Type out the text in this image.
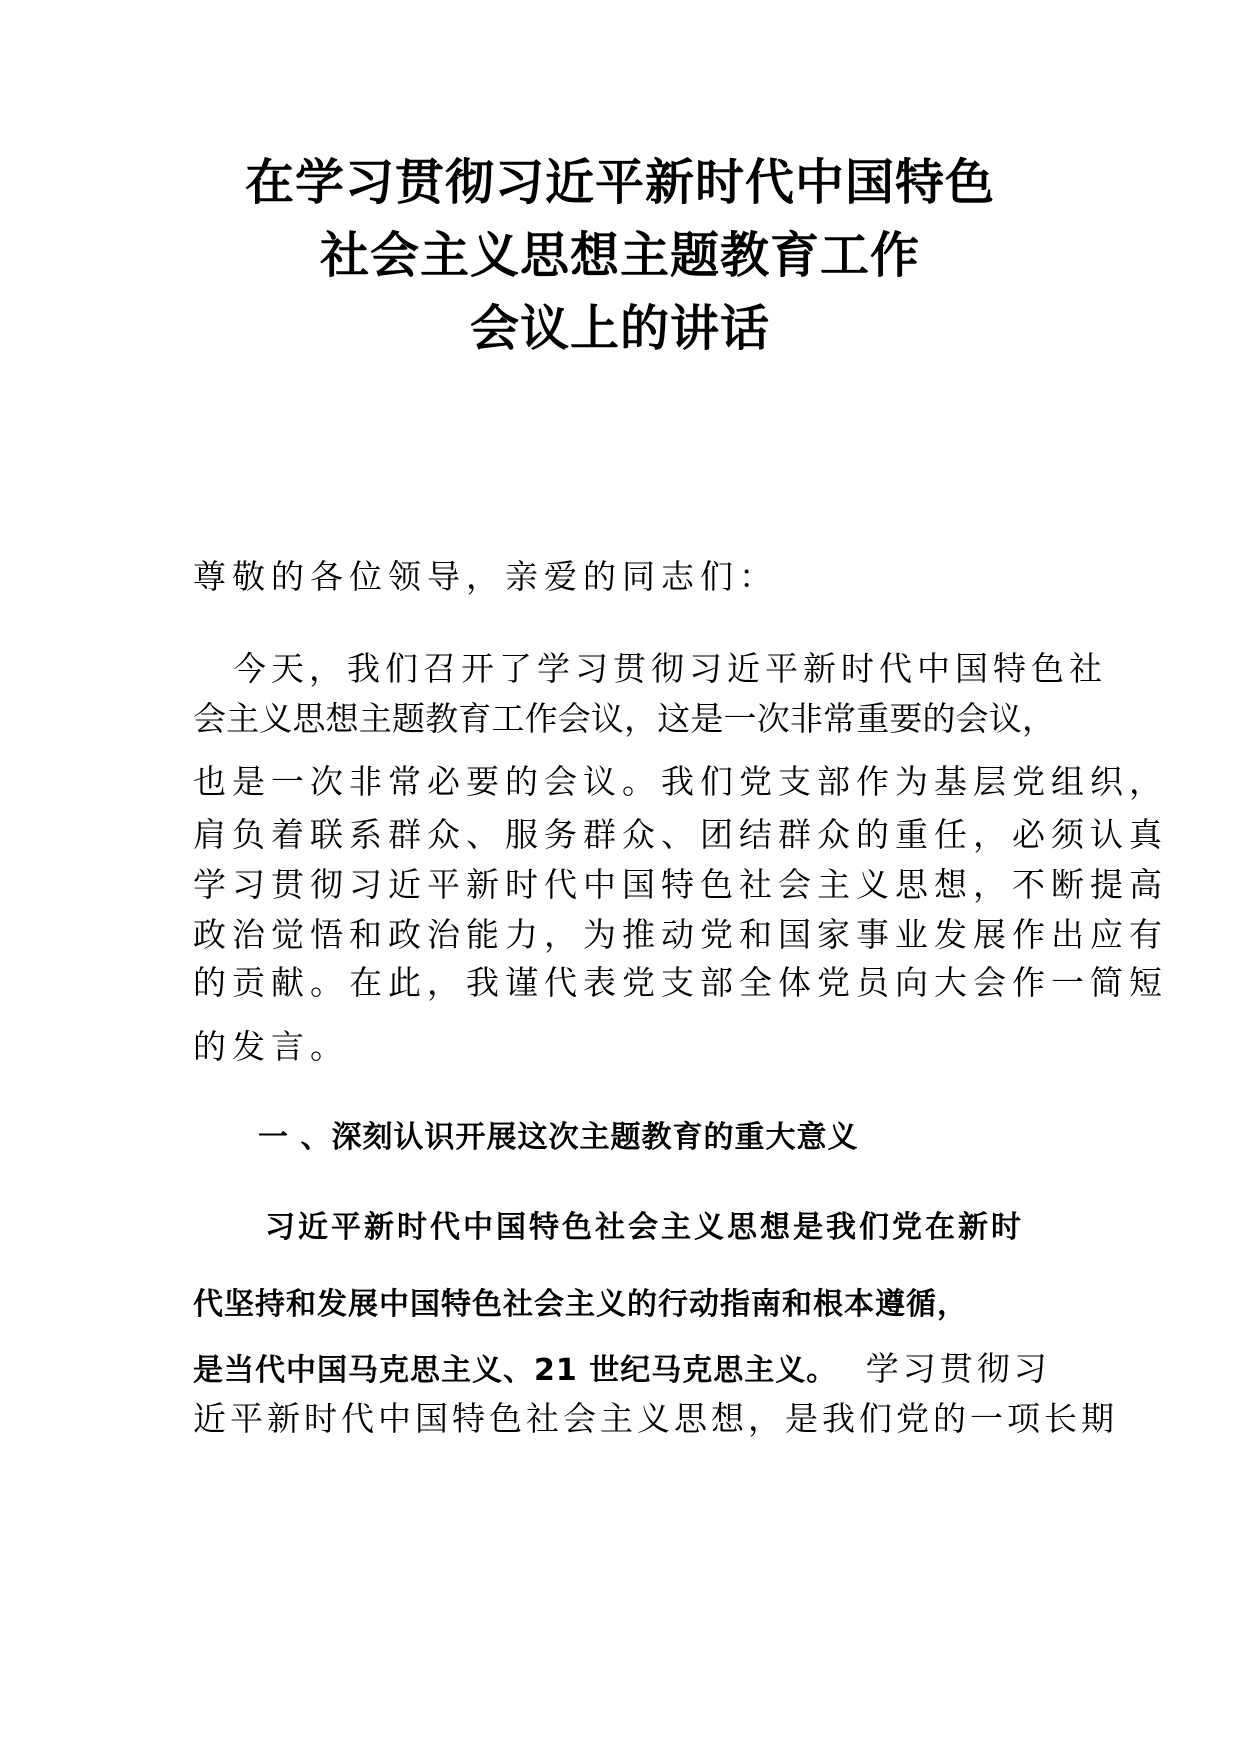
在学习贯彻习近平新时代中国特色
社会主义思想主题教育工作
会议上的讲话

尊敬的各位领导，亲爱的同志们：

今天，我们召开了学习贯彻习近平新时代中国特色社

会主义思想主题教育工作会议，这是一次非常重要的会议，

也是一次非常必要的会议。我们党支部作为基层党组织，

肩负着联系群众、服务群众、团结群众的重任，必须认真

学习贯彻习近平新时代中国特色社会主义思想，不断提高

政治觉悟和政治能力，为推动党和国家事业发展作出应有

的贡献。在此，我谨代表党支部全体党员向大会作一简短

的发言。

一 、深刻认识开展这次主题教育的重大意义

习近平新时代中国特色社会主义思想是我们党在新时

代坚持和发展中国特色社会主义的行动指南和根本遵循，

是当代中国马克思主义、21 世纪马克思主义。 学习贯彻习

近平新时代中国特色社会主义思想，是我们党的一项长期
